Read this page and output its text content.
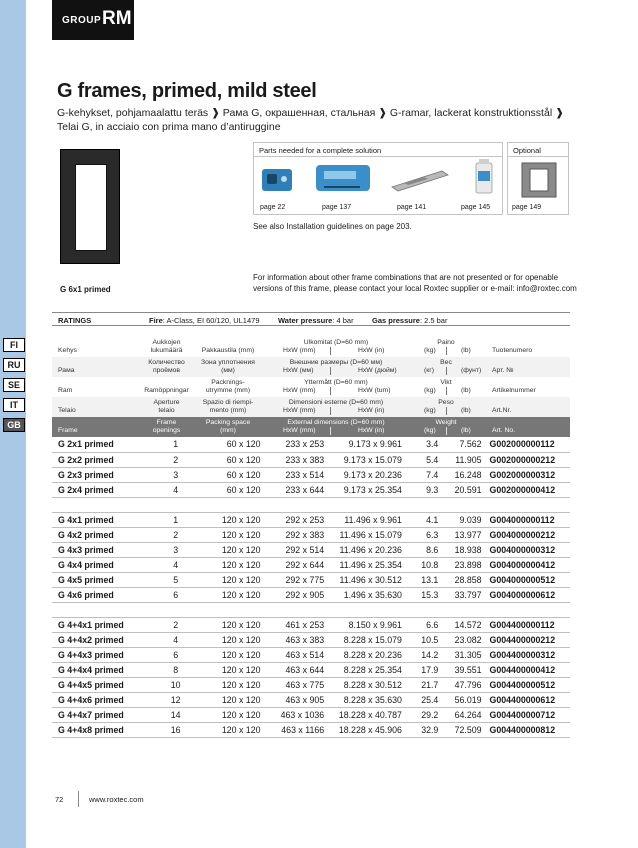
GROUP RM
G frames, primed, mild steel
G-kehykset, pohjamaalattu teräs ❱ Рама G, окрашенная, стальная ❱ G-ramar, lackerat konstruktionsstål ❱
Telai G, in acciaio con prima mano d’antiruggine
G 6x1 primed
Parts needed for a complete solution
page 22	page 137	page 141	page 145
Optional
page 149
See also Installation guidelines on page 203.
For information about other frame combinations that are not presented or for openable versions of this frame, please contact your local Roxtec supplier or e-mail: info@roxtec.com
RATINGS	Fire: A-Class, EI 60/120, UL1479 Water pressure: 4 bar Gas pressure: 2.5 bar
FI
RU
SE
IT
GB
Kehys
Aukkojen
lukumäärä	Pakkaustila (mm)
Ulkomitat (D=60 mm)
HxW (mm)	HxW (in)
Paino
(kg)	(lb)	Tuotenumero
Рама
Количество
проёмов
Зона уплотнения
(мм)
Внешние размеры (D=60 мм)
HxW (мм)	HxW (дюйм)
Вес
(кг)	(фунт)	Арт. №
Ram	Ramöppningar
Packnings-
utrymme (mm)
Yttermått (D=60 mm)
HxW (mm)	HxW (tum)
Vikt
(kg)	(lb)	Artikelnummer
Telaio
Aperture
telaio
Spazio di riempi-
mento (mm)
Dimensioni esterne (D=60 mm)
HxW (mm)	HxW (in)
Peso
(kg)	(lb)	Art.Nr.
Frame
Frame
openings
Packing space
(mm)
External dimensions (D=60 mm)
HxW (mm)	HxW (in)
Weight
(kg)	(lb)	Art. No.
G 2x1 primed	1	60 x 120	233 x 253	9.173 x 9.961	3.4	7.562	G002000000112
G 2x2 primed	2	60 x 120	233 x 383	9.173 x 15.079	5.4	11.905	G002000000212
G 2x3 primed	3	60 x 120	233 x 514	9.173 x 20.236	7.4	16.248	G002000000312
G 2x4 primed	4	60 x 120	233 x 644	9.173 x 25.354	9.3	20.591	G002000000412

G 4x1 primed	1	120 x 120	292 x 253	11.496 x 9.961	4.1	9.039	G004000000112
G 4x2 primed	2	120 x 120	292 x 383	11.496 x 15.079	6.3	13.977	G004000000212
G 4x3 primed	3	120 x 120	292 x 514	11.496 x 20.236	8.6	18.938	G004000000312
G 4x4 primed	4	120 x 120	292 x 644	11.496 x 25.354	10.8	23.898	G004000000412
G 4x5 primed	5	120 x 120	292 x 775	11.496 x 30.512	13.1	28.858	G004000000512
G 4x6 primed	6	120 x 120	292 x 905	1.496 x 35.630	15.3	33.797	G004000000612

G 4+4x1 primed	2	120 x 120	461 x 253	8.150 x 9.961	6.6	14.572	G004400000112
G 4+4x2 primed	4	120 x 120	463 x 383	8.228 x 15.079	10.5	23.082	G004400000212
G 4+4x3 primed	6	120 x 120	463 x 514	8.228 x 20.236	14.2	31.305	G004400000312
G 4+4x4 primed	8	120 x 120	463 x 644	8.228 x 25.354	17.9	39.551	G004400000412
G 4+4x5 primed	10	120 x 120	463 x 775	8.228 x 30.512	21.7	47.796	G004400000512
G 4+4x6 primed	12	120 x 120	463 x 905	8.228 x 35.630	25.4	56.019	G004400000612
G 4+4x7 primed	14	120 x 120	463 x 1036	18.228 x 40.787	29.2	64.264	G004400000712
G 4+4x8 primed	16	120 x 120	463 x 1166	18.228 x 45.906	32.9	72.509	G004400000812
72	www.roxtec.com
